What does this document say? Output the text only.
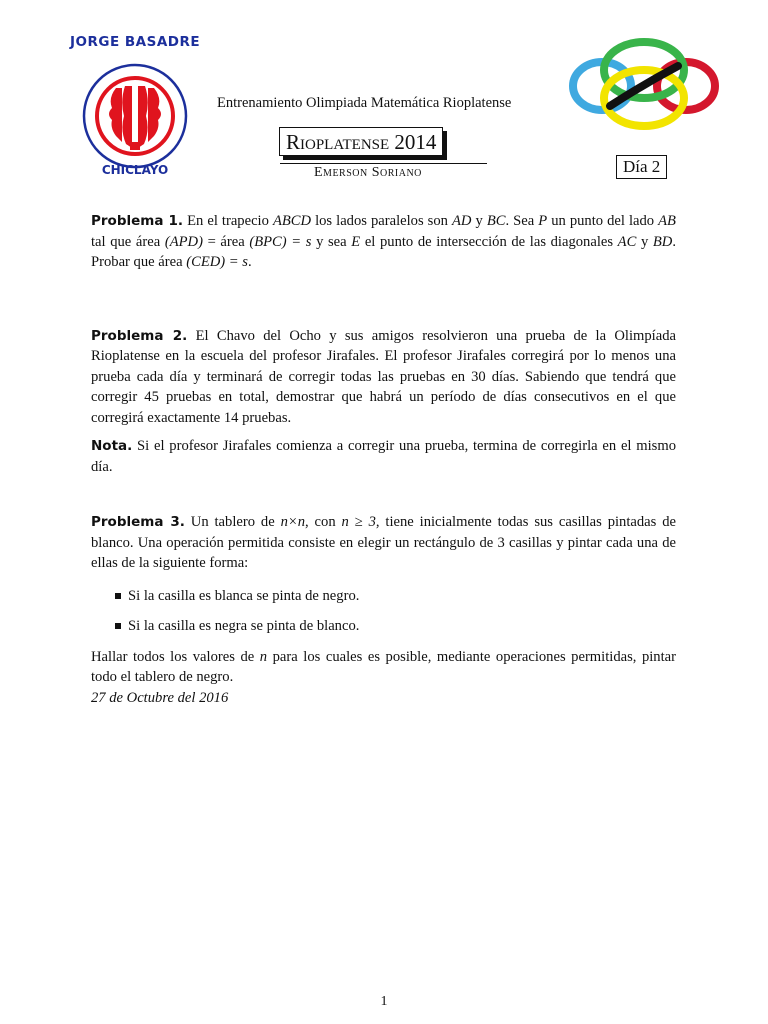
JORGE BASADRE
CHICLAYO
Entrenamiento Olimpiada Matemática Rioplatense
Rioplatense 2014
Emerson Soriano	Día 2

Problema 1. En el trapecio ABCD los lados paralelos son AD y BC. Sea P un punto del lado AB tal que área (APD) = área (BPC) = s y sea E el punto de intersección de las diagonales AC y BD. Probar que área (CED) = s.

Problema 2. El Chavo del Ocho y sus amigos resolvieron una prueba de la Olimpíada Rioplatense en la escuela del profesor Jirafales. El profesor Jirafales corregirá por lo menos una prueba cada día y terminará de corregir todas las pruebas en 30 días. Sabiendo que tendrá que corregir 45 pruebas en total, demostrar que habrá un período de días consecutivos en el que corregirá exactamente 14 pruebas.

Nota. Si el profesor Jirafales comienza a corregir una prueba, termina de corregirla en el mismo día.

Problema 3. Un tablero de n×n, con n ≥ 3, tiene inicialmente todas sus casillas pintadas de blanco. Una operación permitida consiste en elegir un rectángulo de 3 casillas y pintar cada una de ellas de la siguiente forma:

Si la casilla es blanca se pinta de negro.
Si la casilla es negra se pinta de blanco.

Hallar todos los valores de n para los cuales es posible, mediante operaciones permitidas, pintar todo el tablero de negro.

27 de Octubre del 2016

1
